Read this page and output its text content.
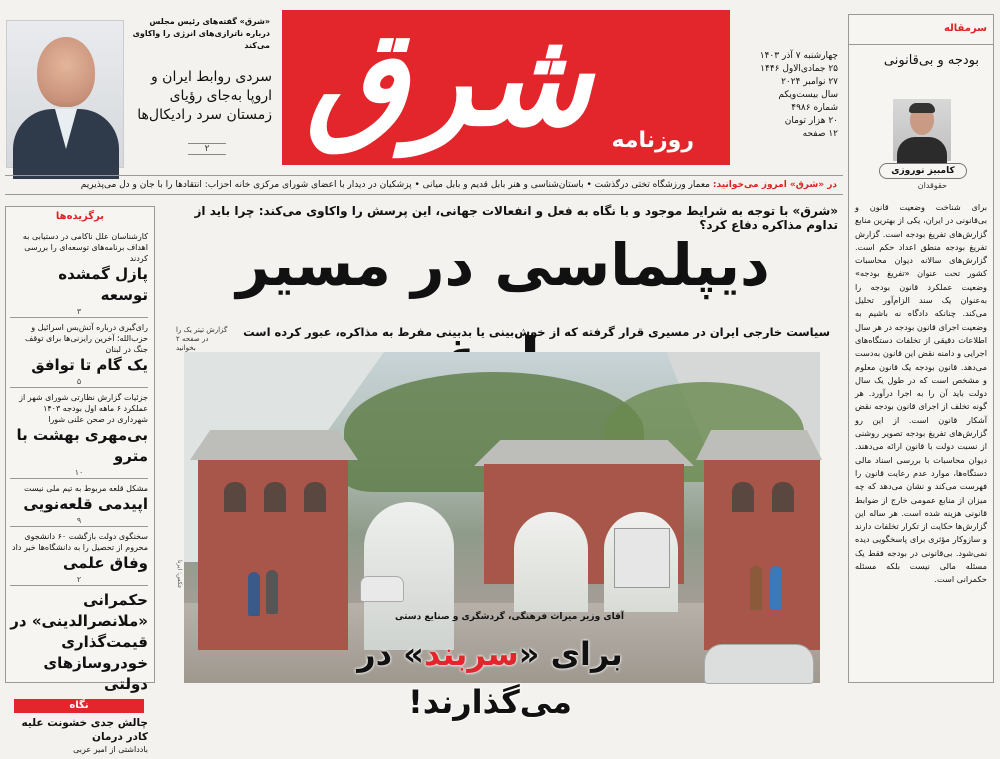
«شرق» گفته‌های رئیس مجلس درباره ناترازی‌های انرژی را واکاوی می‌کند
سردی روابط ایران و اروپا به‌جای رؤیای زمستان سرد رادیکال‌ها
۲ شرق روزنامه
چهارشنبه ۷ آذر ۱۴۰۳
۲۵ جمادی‌الاول ۱۴۴۶
۲۷ نوامبر ۲۰۲۴
سال بیست‌ویکم
شماره ۴۹۸۶
۲۰ هزار تومان
۱۲ صفحه
در «شرق» امروز می‌خوانید: معمار ورزشگاه تختی درگذشت • باستان‌شناسی و هنر بابل قدیم و بابل میانی • پزشکیان در دیدار با اعضای شورای مرکزی خانه احزاب: انتقادها را با جان و دل می‌پذیریم
برگزیده‌ها
کارشناسان علل ناکامی در دستیابی به اهداف برنامه‌های توسعه‌ای را بررسی کردند
پازل گمشده توسعه
۳
رای‌گیری درباره آتش‌بس اسرائیل و حزب‌الله؛ آخرین رایزنی‌ها برای توقف جنگ در لبنان
یک گام تا توافق
۵
جزئیات گزارش نظارتی شورای شهر از عملکرد ۶ ماهه اول بودجه ۱۴۰۳ شهرداری در صحن علنی شورا
بی‌مهری بهشت با مترو
۱۰
مشکل قلعه مربوط به تیم ملی نیست
اپیدمی قلعه‌نویی
۹
سخنگوی دولت بازگشت ۶۰ دانشجوی محروم از تحصیل را به دانشگاه‌ها خبر داد
وفاق علمی
۲
حکمرانی «ملانصرالدینی» در قیمت‌گذاری خودروسازهای دولتی
نگاه
چالش جدی خشونت علیه کادر درمان
بادداشتی از امیر عربی
«شرق» با توجه به شرایط موجود و با نگاه به فعل و انفعالات جهانی، این پرسش را واکاوی می‌کند: چرا باید از تداوم مذاکره دفاع کرد؟
دیپلماسی در مسیر
سیاست خارجی ایران در مسیری قرار گرفته که از خوش‌بینی یا بدبینی مفرط به مذاکره، عبور کرده است
گزارش تیتر یک را در صفحه ۲ بخوانید
عکس: ایرنا
آقای وزیر میراث فرهنگی، گردشگری و صنایع دستی
برای «سربند» در می‌گذارند!
سرمقاله
بودجه و بی‌قانونی
کامبیز نوروزی
حقوقدان
برای شناخت وضعیت قانون و بی‌قانونی در ایران، یکی از بهترین منابع گزارش‌های تفریغ بودجه است. گزارش تفریغ بودجه منطق اعداد حکم است. گزارش‌های سالانه دیوان محاسبات کشور تحت عنوان «تفریغ بودجه» وضعیت عملکرد قانون بودجه را به‌عنوان یک سند الزام‌آور تحلیل می‌کند. چنانکه دادگاه نه باشیم به وضعیت اجرای قانون بودجه در هر سال اطلاعات دقیقی از تخلفات دستگاه‌های اجرایی و دامنه نقض این قانون به‌دست می‌دهد. قانون بودجه یک قانون معلوم و مشخص است که در طول یک سال دولت باید آن را به اجرا درآورد. هر گونه تخلف از اجرای قانون بودجه نقض آشکار قانون است. از این رو گزارش‌های تفریغ بودجه تصویر روشنی از نسبت دولت با قانون ارائه می‌دهند. دیوان محاسبات با بررسی اسناد مالی دستگاه‌ها، موارد عدم رعایت قانون را فهرست می‌کند و نشان می‌دهد که چه میزان از منابع عمومی خارج از ضوابط قانونی هزینه شده است. هر ساله این گزارش‌ها حکایت از تکرار تخلفات دارند و سازوکار مؤثری برای پاسخگویی دیده نمی‌شود. بی‌قانونی در بودجه فقط یک مسئله مالی نیست بلکه مسئله حکمرانی است.
